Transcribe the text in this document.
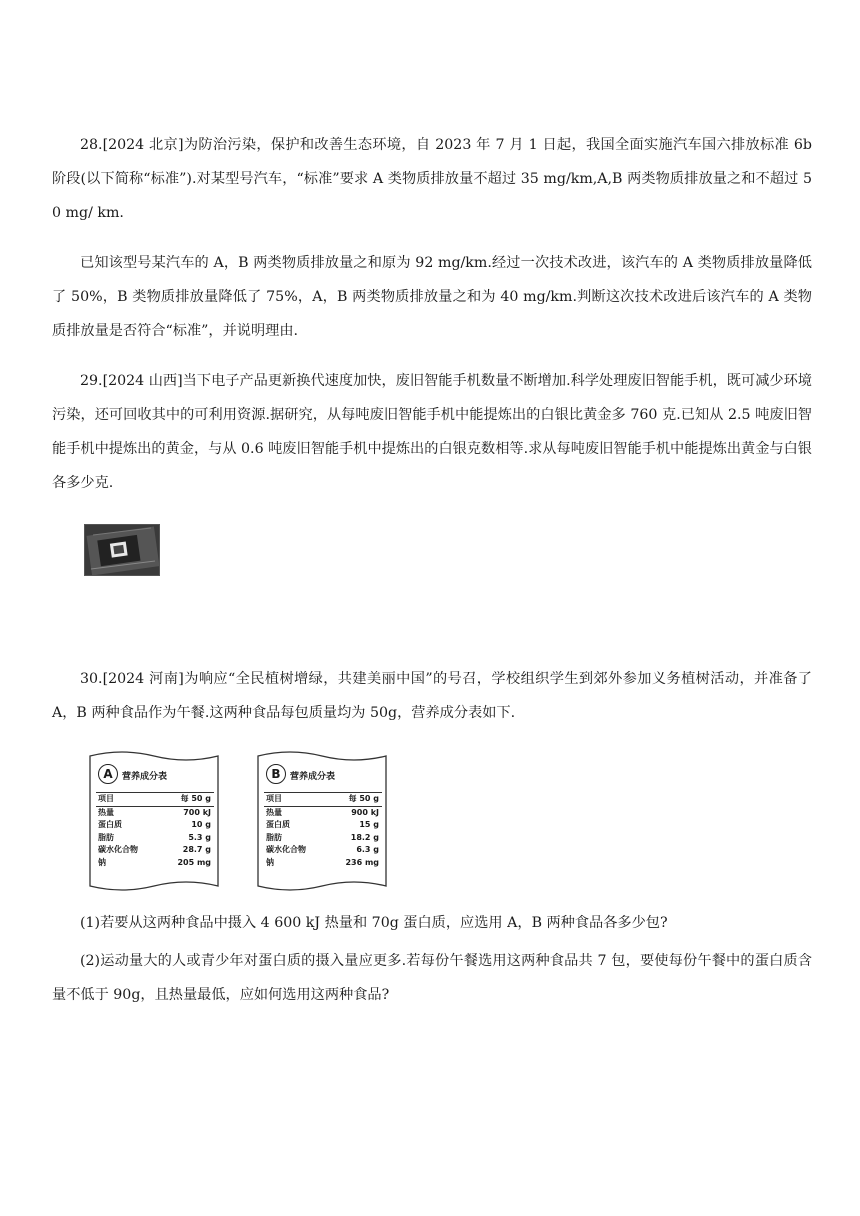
28.[2024 北京]为防治污染，保护和改善生态环境，自 2023 年 7 月 1 日起，我国全面实施汽车国六排放标准 6b 阶段(以下简称“标准”).对某型号汽车，“标准”要求 A 类物质排放量不超过 35 mg/km,A,B 两类物质排放量之和不超过 50 mg/ km.

已知该型号某汽车的 A，B 两类物质排放量之和原为 92 mg/km.经过一次技术改进，该汽车的 A 类物质排放量降低了 50%，B 类物质排放量降低了 75%，A，B 两类物质排放量之和为 40 mg/km.判断这次技术改进后该汽车的 A 类物质排放量是否符合“标准”，并说明理由.

29.[2024 山西]当下电子产品更新换代速度加快，废旧智能手机数量不断增加.科学处理废旧智能手机，既可减少环境污染，还可回收其中的可利用资源.据研究，从每吨废旧智能手机中能提炼出的白银比黄金多 760 克.已知从 2.5 吨废旧智能手机中提炼出的黄金，与从 0.6 吨废旧智能手机中提炼出的白银克数相等.求从每吨废旧智能手机中能提炼出黄金与白银各多少克.

30.[2024 河南]为响应“全民植树增绿，共建美丽中国”的号召，学校组织学生到郊外参加义务植树活动，并准备了 A，B 两种食品作为午餐.这两种食品每包质量均为 50g，营养成分表如下.

A	营养成分表
项目	每 50 g
热量	700 kJ
蛋白质	10 g
脂肪	5.3 g
碳水化合物	28.7 g
钠	205 mg
B	营养成分表
项目	每 50 g
热量	900 kJ
蛋白质	15 g
脂肪	18.2 g
碳水化合物	6.3 g
钠	236 mg

(1)若要从这两种食品中摄入 4 600 kJ 热量和 70g 蛋白质，应选用 A，B 两种食品各多少包?

(2)运动量大的人或青少年对蛋白质的摄入量应更多.若每份午餐选用这两种食品共 7 包，要使每份午餐中的蛋白质含量不低于 90g，且热量最低，应如何选用这两种食品?
